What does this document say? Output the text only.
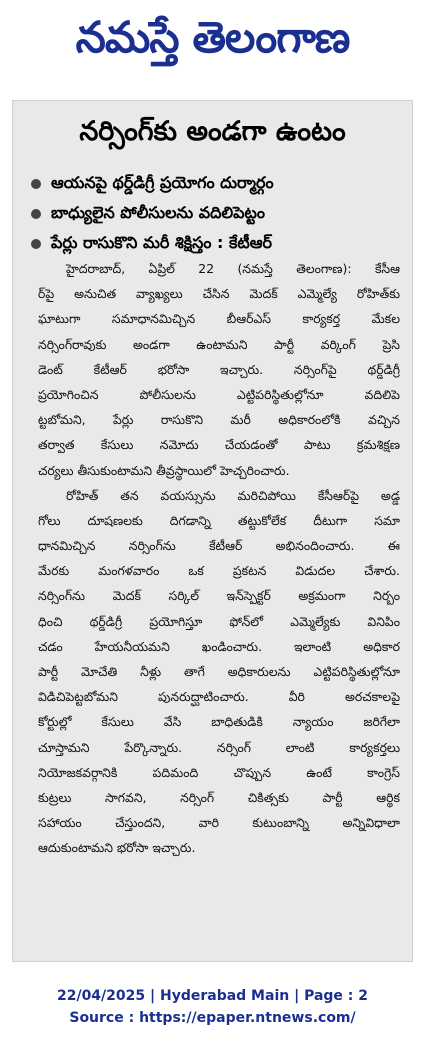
నమస్తే తెలంగాణ
నర్సింగ్‌కు అండగా ఉంటం
ఆయనపై థర్డ్‌డిగ్రీ ప్రయోగం దుర్మార్గం
బాధ్యులైన పోలీసులను వదిలిపెట్టం
పేర్లు రాసుకొని మరీ శిక్షిస్తం : కేటీఆర్
హైదరాబాద్, ఏప్రిల్ 22 (నమస్తే తెలంగాణ): కేసీఆ
ర్‌పై అనుచిత వ్యాఖ్యలు చేసిన మెదక్ ఎమ్మెల్యే రోహిత్‌కు
ఘాటుగా సమాధానమిచ్చిన బీఆర్‌ఎస్ కార్యకర్త మేకల
నర్సింగ్‌రావుకు అండగా ఉంటామని పార్టీ వర్కింగ్ ప్రెసి
డెంట్ కేటీఆర్ భరోసా ఇచ్చారు. నర్సింగ్‌పై థర్డ్‌డిగ్రీ
ప్రయోగించిన పోలీసులను ఎట్టిపరిస్థితుల్లోనూ వదిలిపె
ట్టబోమని, పేర్లు రాసుకొని మరీ అధికారంలోకి వచ్చిన
తర్వాత కేసులు నమోదు చేయడంతో పాటు క్రమశిక్షణ
చర్యలు తీసుకుంటామని తీవ్రస్థాయిలో హెచ్చరించారు.
రోహిత్ తన వయస్సును మరిచిపోయి కేసీఆర్‌పై అడ్డ
గోలు దూషణలకు దిగడాన్ని తట్టుకోలేక దీటుగా సమా
ధానమిచ్చిన నర్సింగ్‌ను కేటీఆర్ అభినందించారు. ఈ
మేరకు మంగళవారం ఒక ప్రకటన విడుదల చేశారు.
నర్సింగ్‌ను మెదక్ సర్కిల్ ఇన్‌స్పెక్టర్ అక్రమంగా నిర్బం
ధించి థర్డ్‌డిగ్రీ ప్రయోగిస్తూ ఫోన్‌లో ఎమ్మెల్యేకు వినిపిం
చడం హేయనీయమని ఖండించారు. ఇలాంటి అధికార
పార్టీ మోచేతి నీళ్లు తాగే అధికారులను ఎట్టిపరిస్థితుల్లోనూ
విడిచిపెట్టబోమని పునరుద్ఘాటించారు. వీరి అరచకాలపై
కోర్టుల్లో కేసులు వేసి బాధితుడికి న్యాయం జరిగేలా
చూస్తామని పేర్కొన్నారు. నర్సింగ్ లాంటి కార్యకర్తలు
నియోజకవర్గానికి పదిమంది చొప్పున ఉంటే కాంగ్రెస్
కుట్రలు సాగవని, నర్సింగ్ చికిత్సకు పార్టీ ఆర్థిక
సహాయం చేస్తుందని, వారి కుటుంబాన్ని అన్నివిధాలా
ఆదుకుంటామని భరోసా ఇచ్చారు.
22/04/2025 | Hyderabad Main | Page : 2
Source : https://epaper.ntnews.com/
